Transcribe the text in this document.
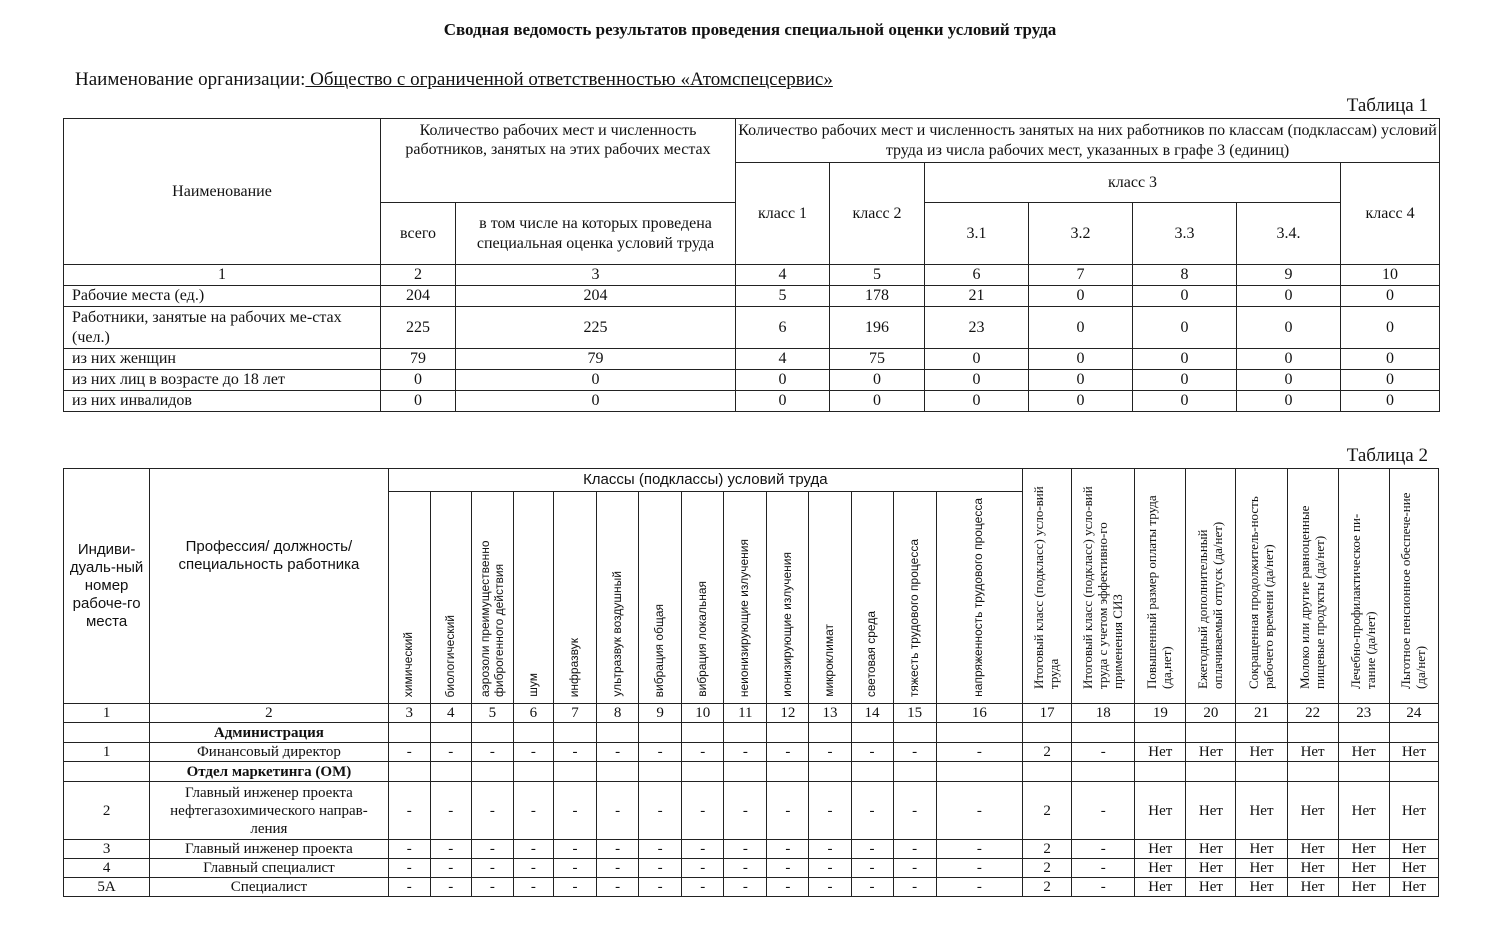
Сводная ведомость результатов проведения специальной оценки условий труда
Наименование организации: Общество с ограниченной ответственностью «Атомспецсервис»
Таблица 1
Наименование	Количество рабочих мест и численность работников, занятых на этих рабочих местах		Количество рабочих мест и численность занятых на них работников по классам (подклассам) условий труда из числа рабочих мест, указанных в графе 3 (единиц)						
			класс 1	класс 2	класс 3				класс 4
	всего	в том числе на которых проведена специальная оценка условий труда			3.1	3.2	3.3	3.4.	
1	2	3	4	5	6	7	8	9	10
Рабочие места (ед.)	204	204	5	178	21	0	0	0	0
Работники, занятые на рабочих ме-стах (чел.)	225	225	6	196	23	0	0	0	0
из них женщин	79	79	4	75	0	0	0	0	0
из них лиц в возрасте до 18 лет	0	0	0	0	0	0	0	0	0
из них инвалидов	0	0	0	0	0	0	0	0	0
Таблица 2
Индиви-дуаль-ный номер рабоче-го места	Профессия/ должность/ специальность работника	Классы (подклассы) условий труда														Итоговый класс (подкласс) усло-вий труда	Итоговый класс (подкласс) усло-вий труда с учетом эффективно-го применения СИЗ	Повышенный размер оплаты труда (да,нет)	Ежегодный дополнительный оплачиваемый отпуск (да/нет)	Сокращенная продолжитель-ность рабочего времени (да/нет)	Молоко или другие равноценные пищевые продукты (да/нет)	Лечебно-профилактическое пи-тание (да/нет)	Льготное пенсионное обеспече-ние (да/нет)

		химический	биологический	аэрозоли преимущественно фиброгенного действия	шум	инфразвук	ультразвук воздушный	вибрация общая	вибрация локальная	неионизирующие излучения	ионизирующие излучения	микроклимат	световая среда	тяжесть трудового процесса	напряженность трудового процесса								

1	2	3	4	5	6	7	8	9	10	11	12	13	14	15	16	17	18	19	20	21	22	23	24
	Администрация																						
1	Финансовый директор	-	-	-	-	-	-	-	-	-	-	-	-	-	-	2	-	Нет	Нет	Нет	Нет	Нет	Нет
	Отдел маркетинга (ОМ)																						
2	Главный инженер проекта нефтегазохимического направ-ления	-	-	-	-	-	-	-	-	-	-	-	-	-	-	2	-	Нет	Нет	Нет	Нет	Нет	Нет
3	Главный инженер проекта	-	-	-	-	-	-	-	-	-	-	-	-	-	-	2	-	Нет	Нет	Нет	Нет	Нет	Нет
4	Главный специалист	-	-	-	-	-	-	-	-	-	-	-	-	-	-	2	-	Нет	Нет	Нет	Нет	Нет	Нет
5А	Специалист	-	-	-	-	-	-	-	-	-	-	-	-	-	-	2	-	Нет	Нет	Нет	Нет	Нет	Нет
